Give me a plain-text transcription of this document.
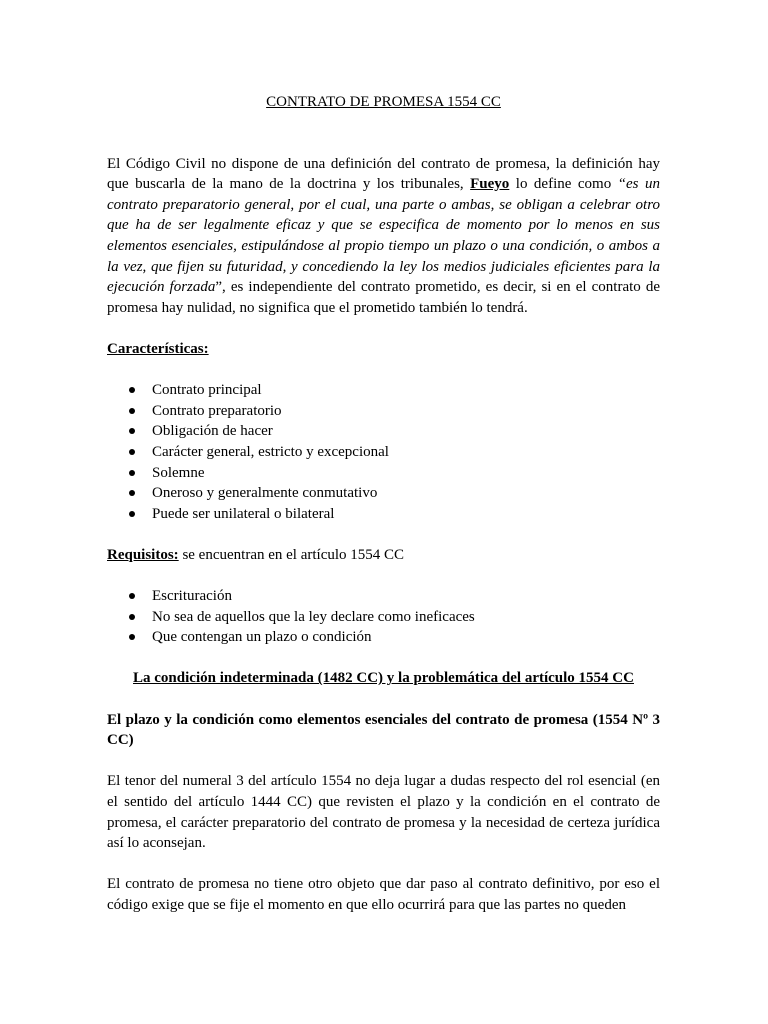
CONTRATO DE PROMESA 1554 CC

El Código Civil no dispone de una definición del contrato de promesa, la definición hay que buscarla de la mano de la doctrina y los tribunales, Fueyo lo define como “es un contrato preparatorio general, por el cual, una parte o ambas, se obligan a celebrar otro que ha de ser legalmente eficaz y que se especifica de momento por lo menos en sus elementos esenciales, estipulándose al propio tiempo un plazo o una condición, o ambos a la vez, que fijen su futuridad, y concediendo la ley los medios judiciales eficientes para la ejecución forzada”, es independiente del contrato prometido, es decir, si en el contrato de promesa hay nulidad, no significa que el prometido también lo tendrá.

Características:

Contrato principal
Contrato preparatorio
Obligación de hacer
Carácter general, estricto y excepcional
Solemne
Oneroso y generalmente conmutativo
Puede ser unilateral o bilateral

Requisitos: se encuentran en el artículo 1554 CC

Escrituración
No sea de aquellos que la ley declare como ineficaces
Que contengan un plazo o condición

La condición indeterminada (1482 CC) y la problemática del artículo 1554 CC

El plazo y la condición como elementos esenciales del contrato de promesa (1554 Nº 3 CC)

El tenor del numeral 3 del artículo 1554 no deja lugar a dudas respecto del rol esencial (en el sentido del artículo 1444 CC) que revisten el plazo y la condición en el contrato de promesa, el carácter preparatorio del contrato de promesa y la necesidad de certeza jurídica así lo aconsejan.

El contrato de promesa no tiene otro objeto que dar paso al contrato definitivo, por eso el código exige que se fije el momento en que ello ocurrirá para que las partes no queden
